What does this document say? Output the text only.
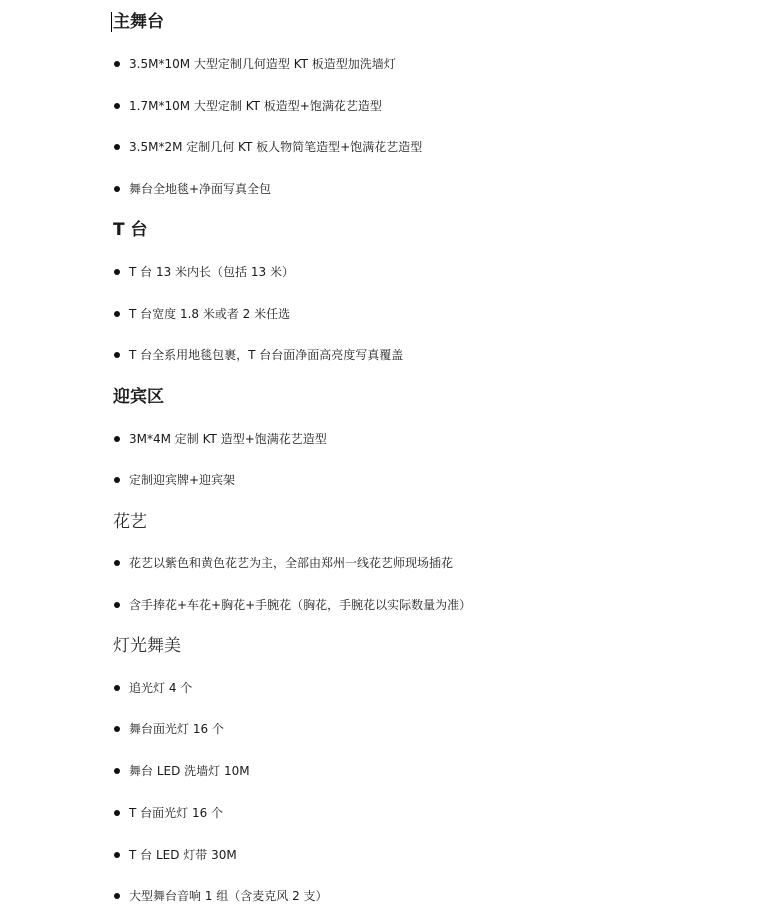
主舞台
3.5M*10M 大型定制几何造型 KT 板造型加洗墙灯
1.7M*10M 大型定制 KT 板造型+饱满花艺造型
3.5M*2M 定制几何 KT 板人物简笔造型+饱满花艺造型
舞台全地毯+净面写真全包
T 台
T 台 13 米内长（包括 13 米）
T 台宽度 1.8 米或者 2 米任选
T 台全系用地毯包裹，T 台台面净面高亮度写真覆盖
迎宾区
3M*4M 定制 KT 造型+饱满花艺造型
定制迎宾牌+迎宾架
花艺
花艺以紫色和黄色花艺为主，全部由郑州一线花艺师现场插花
含手捧花+车花+胸花+手腕花（胸花，手腕花以实际数量为准）
灯光舞美
追光灯 4 个
舞台面光灯 16 个
舞台 LED 洗墙灯 10M
T 台面光灯 16 个
T 台 LED 灯带 30M
大型舞台音响 1 组（含麦克风 2 支）
